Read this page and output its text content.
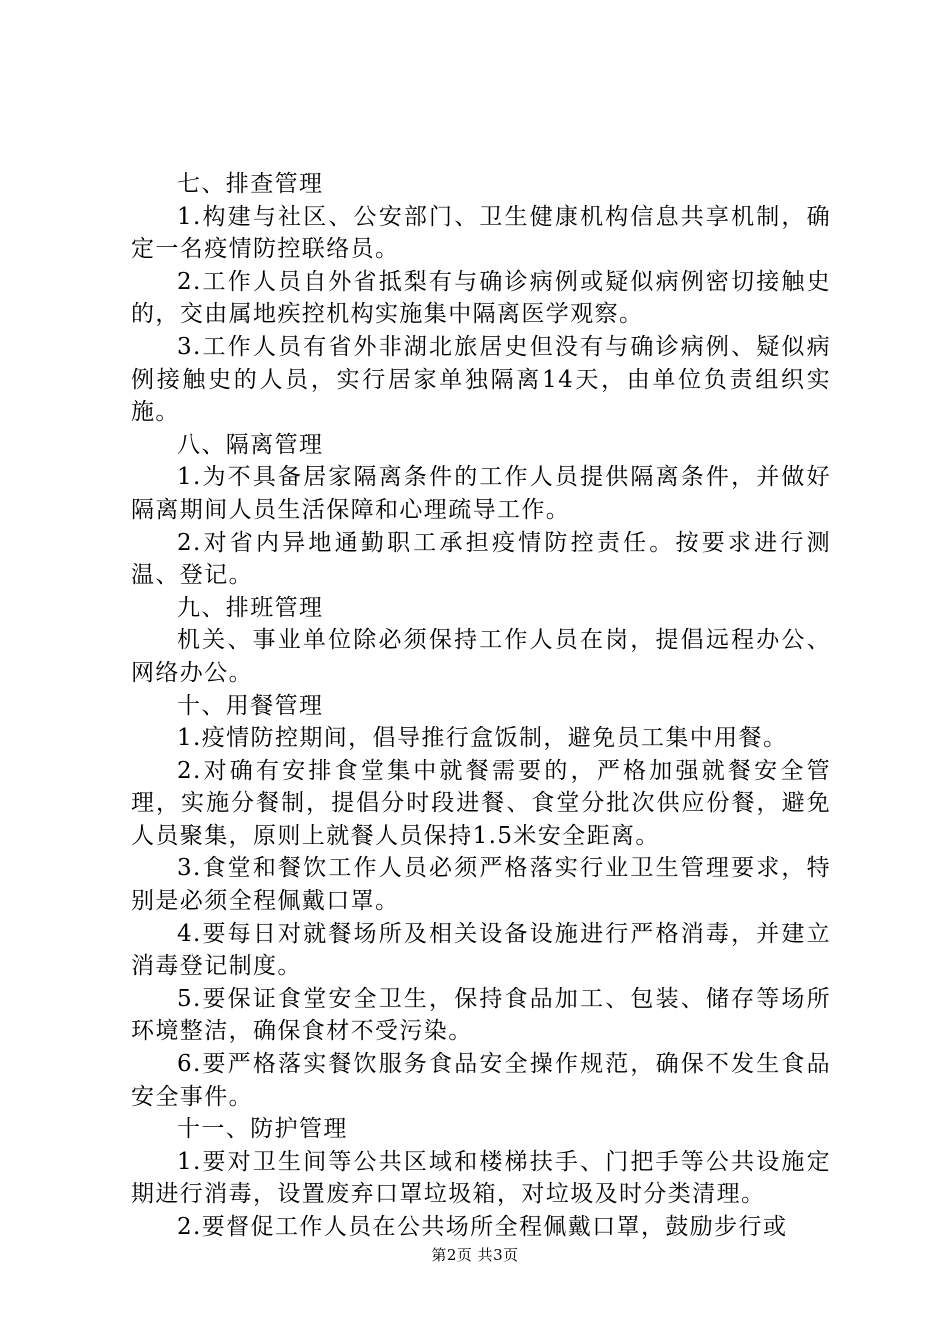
七、排查管理

1.构建与社区、公安部门、卫生健康机构信息共享机制，确定一名疫情防控联络员。

2.工作人员自外省抵梨有与确诊病例或疑似病例密切接触史的，交由属地疾控机构实施集中隔离医学观察。

3.工作人员有省外非湖北旅居史但没有与确诊病例、疑似病例接触史的人员，实行居家单独隔离14天，由单位负责组织实施。

八、隔离管理

1.为不具备居家隔离条件的工作人员提供隔离条件，并做好隔离期间人员生活保障和心理疏导工作。

2.对省内异地通勤职工承担疫情防控责任。按要求进行测温、登记。

九、排班管理

机关、事业单位除必须保持工作人员在岗，提倡远程办公、网络办公。

十、用餐管理

1.疫情防控期间，倡导推行盒饭制，避免员工集中用餐。

2.对确有安排食堂集中就餐需要的，严格加强就餐安全管理，实施分餐制，提倡分时段进餐、食堂分批次供应份餐，避免人员聚集，原则上就餐人员保持1.5米安全距离。

3.食堂和餐饮工作人员必须严格落实行业卫生管理要求，特别是必须全程佩戴口罩。

4.要每日对就餐场所及相关设备设施进行严格消毒，并建立消毒登记制度。

5.要保证食堂安全卫生，保持食品加工、包装、储存等场所环境整洁，确保食材不受污染。

6.要严格落实餐饮服务食品安全操作规范，确保不发生食品安全事件。

十一、防护管理

1.要对卫生间等公共区域和楼梯扶手、门把手等公共设施定期进行消毒，设置废弃口罩垃圾箱，对垃圾及时分类清理。

2.要督促工作人员在公共场所全程佩戴口罩，鼓励步行或

第2页 共3页
